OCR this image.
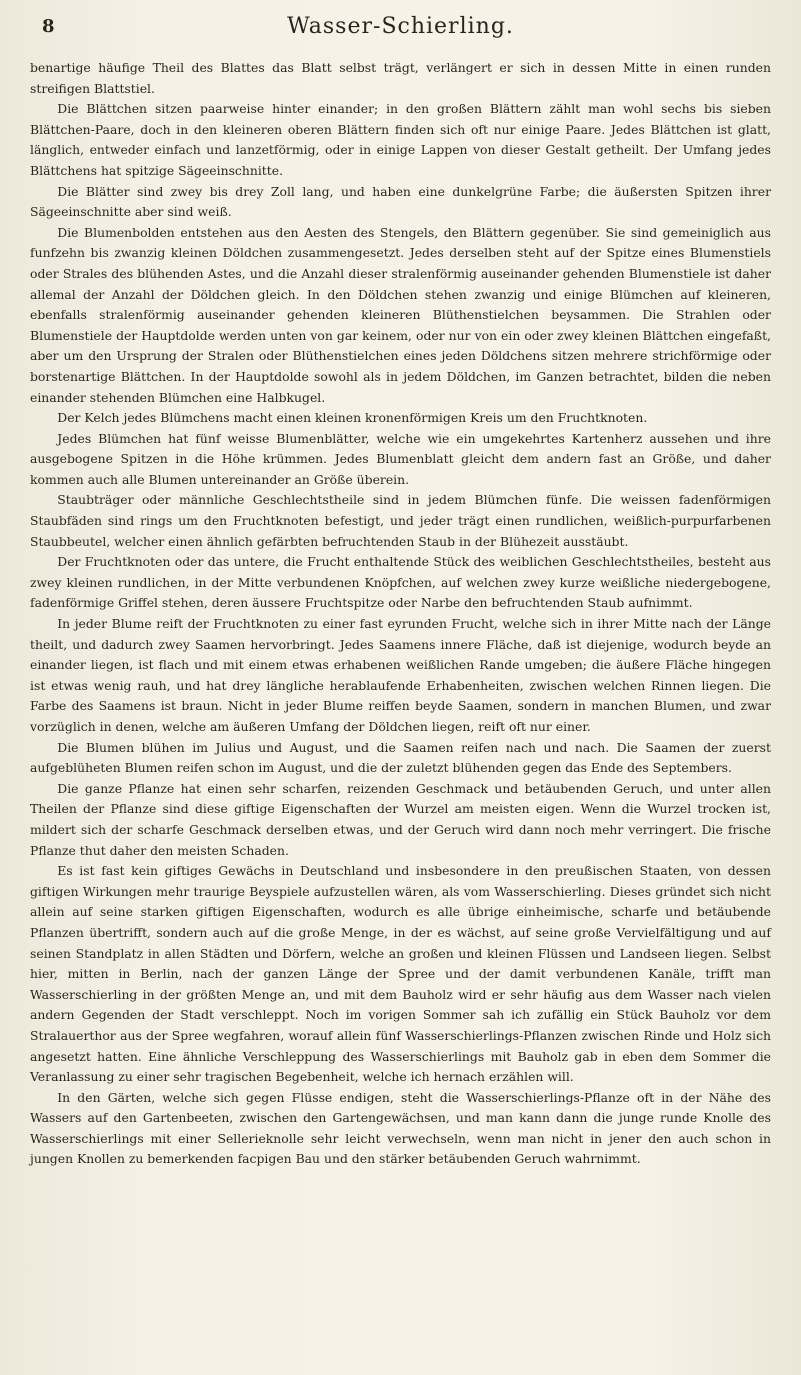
8	Wasser-Schierling.

benartige häufige Theil des Blattes das Blatt selbst trägt, verlängert er sich in dessen Mitte in einen runden streifigen Blattstiel.

Die Blättchen sitzen paarweise hinter einander; in den großen Blättern zählt man wohl sechs bis sieben Blättchen-Paare, doch in den kleineren oberen Blättern finden sich oft nur einige Paare. Jedes Blättchen ist glatt, länglich, entweder einfach und lanzetförmig, oder in einige Lappen von dieser Gestalt getheilt. Der Umfang jedes Blättchens hat spitzige Sägeeinschnitte.

Die Blätter sind zwey bis drey Zoll lang, und haben eine dunkelgrüne Farbe; die äußersten Spitzen ihrer Sägeeinschnitte aber sind weiß.

Die Blumenbolden entstehen aus den Aesten des Stengels, den Blättern gegenüber. Sie sind gemeiniglich aus funfzehn bis zwanzig kleinen Döldchen zusammengesetzt. Jedes derselben steht auf der Spitze eines Blumenstiels oder Strales des blühenden Astes, und die Anzahl dieser stralenförmig auseinander gehenden Blumenstiele ist daher allemal der Anzahl der Döldchen gleich. In den Döldchen stehen zwanzig und einige Blümchen auf kleineren, ebenfalls stralenförmig auseinander gehenden kleineren Blüthenstielchen beysammen. Die Strahlen oder Blumenstiele der Hauptdolde werden unten von gar keinem, oder nur von ein oder zwey kleinen Blättchen eingefaßt, aber um den Ursprung der Stralen oder Blüthenstielchen eines jeden Döldchens sitzen mehrere strichförmige oder borstenartige Blättchen. In der Hauptdolde sowohl als in jedem Döldchen, im Ganzen betrachtet, bilden die neben einander stehenden Blümchen eine Halbkugel.

Der Kelch jedes Blümchens macht einen kleinen kronenförmigen Kreis um den Fruchtknoten.

Jedes Blümchen hat fünf weisse Blumenblätter, welche wie ein umgekehrtes Kartenherz aussehen und ihre ausgebogene Spitzen in die Höhe krümmen. Jedes Blumenblatt gleicht dem andern fast an Größe, und daher kommen auch alle Blumen untereinander an Größe überein.

Staubträger oder männliche Geschlechtstheile sind in jedem Blümchen fünfe. Die weissen fadenförmigen Staubfäden sind rings um den Fruchtknoten befestigt, und jeder trägt einen rundlichen, weißlich-purpurfarbenen Staubbeutel, welcher einen ähnlich gefärbten befruchtenden Staub in der Blühezeit ausstäubt.

Der Fruchtknoten oder das untere, die Frucht enthaltende Stück des weiblichen Geschlechtstheiles, besteht aus zwey kleinen rundlichen, in der Mitte verbundenen Knöpfchen, auf welchen zwey kurze weißliche niedergebogene, fadenförmige Griffel stehen, deren äussere Fruchtspitze oder Narbe den befruchtenden Staub aufnimmt.

In jeder Blume reift der Fruchtknoten zu einer fast eyrunden Frucht, welche sich in ihrer Mitte nach der Länge theilt, und dadurch zwey Saamen hervorbringt. Jedes Saamens innere Fläche, daß ist diejenige, wodurch beyde an einander liegen, ist flach und mit einem etwas erhabenen weißlichen Rande umgeben; die äußere Fläche hingegen ist etwas wenig rauh, und hat drey längliche herablaufende Erhabenheiten, zwischen welchen Rinnen liegen. Die Farbe des Saamens ist braun. Nicht in jeder Blume reiffen beyde Saamen, sondern in manchen Blumen, und zwar vorzüglich in denen, welche am äußeren Umfang der Döldchen liegen, reift oft nur einer.

Die Blumen blühen im Julius und August, und die Saamen reifen nach und nach. Die Saamen der zuerst aufgeblüheten Blumen reifen schon im August, und die der zuletzt blühenden gegen das Ende des Septembers.

Die ganze Pflanze hat einen sehr scharfen, reizenden Geschmack und betäubenden Geruch, und unter allen Theilen der Pflanze sind diese giftige Eigenschaften der Wurzel am meisten eigen. Wenn die Wurzel trocken ist, mildert sich der scharfe Geschmack derselben etwas, und der Geruch wird dann noch mehr verringert. Die frische Pflanze thut daher den meisten Schaden.

Es ist fast kein giftiges Gewächs in Deutschland und insbesondere in den preußischen Staaten, von dessen giftigen Wirkungen mehr traurige Beyspiele aufzustellen wären, als vom Wasserschierling. Dieses gründet sich nicht allein auf seine starken giftigen Eigenschaften, wodurch es alle übrige einheimische, scharfe und betäubende Pflanzen übertrifft, sondern auch auf die große Menge, in der es wächst, auf seine große Vervielfältigung und auf seinen Standplatz in allen Städten und Dörfern, welche an großen und kleinen Flüssen und Landseen liegen. Selbst hier, mitten in Berlin, nach der ganzen Länge der Spree und der damit verbundenen Kanäle, trifft man Wasserschierling in der größten Menge an, und mit dem Bauholz wird er sehr häufig aus dem Wasser nach vielen andern Gegenden der Stadt verschleppt. Noch im vorigen Sommer sah ich zufällig ein Stück Bauholz vor dem Stralauerthor aus der Spree wegfahren, worauf allein fünf Wasserschierlings-Pflanzen zwischen Rinde und Holz sich angesetzt hatten. Eine ähnliche Verschleppung des Wasserschierlings mit Bauholz gab in eben dem Sommer die Veranlassung zu einer sehr tragischen Begebenheit, welche ich hernach erzählen will.

In den Gärten, welche sich gegen Flüsse endigen, steht die Wasserschierlings-Pflanze oft in der Nähe des Wassers auf den Gartenbeeten, zwischen den Gartengewächsen, und man kann dann die junge runde Knolle des Wasserschierlings mit einer Sellerieknolle sehr leicht verwechseln, wenn man nicht in jener den auch schon in jungen Knollen zu bemerkenden facpigen Bau und den stärker betäubenden Geruch wahrnimmt.
